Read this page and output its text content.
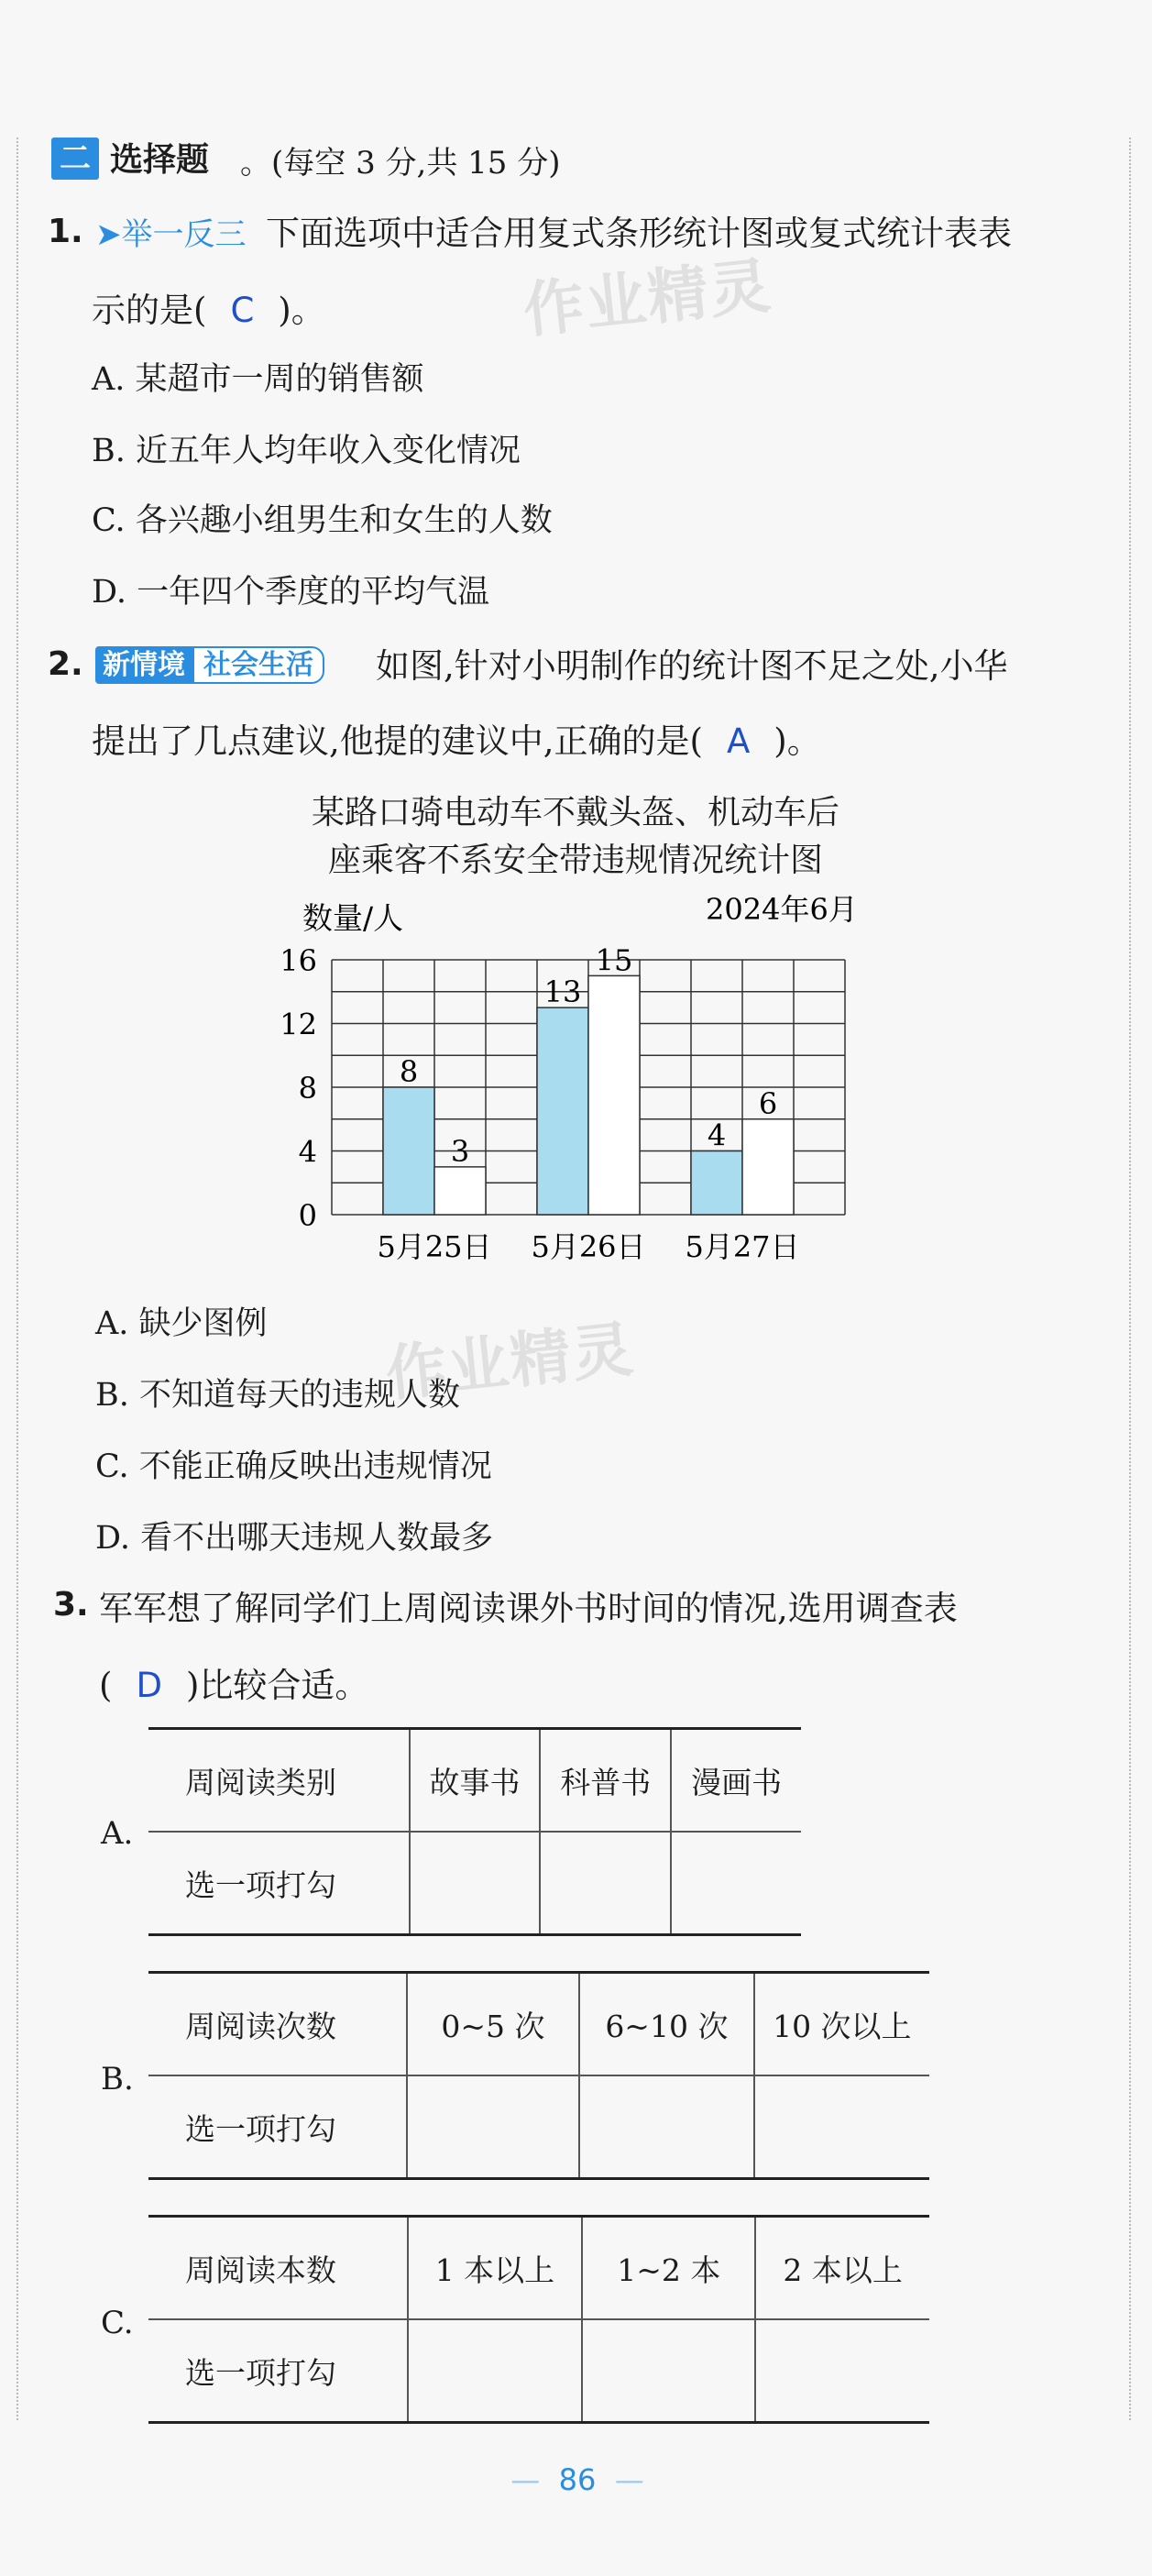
二 选择题 。(每空 3 分,共 15 分)
1. ➤举一反三 下面选项中适合用复式条形统计图或复式统计表表
示的是( C )。
A. 某超市一周的销售额
B. 近五年人均年收入变化情况
C. 各兴趣小组男生和女生的人数
D. 一年四个季度的平均气温
作业精灵
2. 新情境 社会生活	如图,针对小明制作的统计图不足之处,小华
提出了几点建议,他提的建议中,正确的是( A )。
某路口骑电动车不戴头盔、机动车后
座乘客不系安全带违规情况统计图
数量/人	2024年6月
0
4
8
12
16
8
3
5月25日
13
15
5月26日
4
6
5月27日
A. 缺少图例
B. 不知道每天的违规人数
C. 不能正确反映出违规情况
D. 看不出哪天违规人数最多
作业精灵
3. 军军想了解同学们上周阅读课外书时间的情况,选用调查表
( D )比较合适。
A.
周阅读类别	故事书	科普书	漫画书
选一项打勾			
B.
周阅读次数	0~5 次	6~10 次	10 次以上
选一项打勾			
C.
周阅读本数	1 本以上	1~2 本	2 本以上
选一项打勾			
—  86  —
